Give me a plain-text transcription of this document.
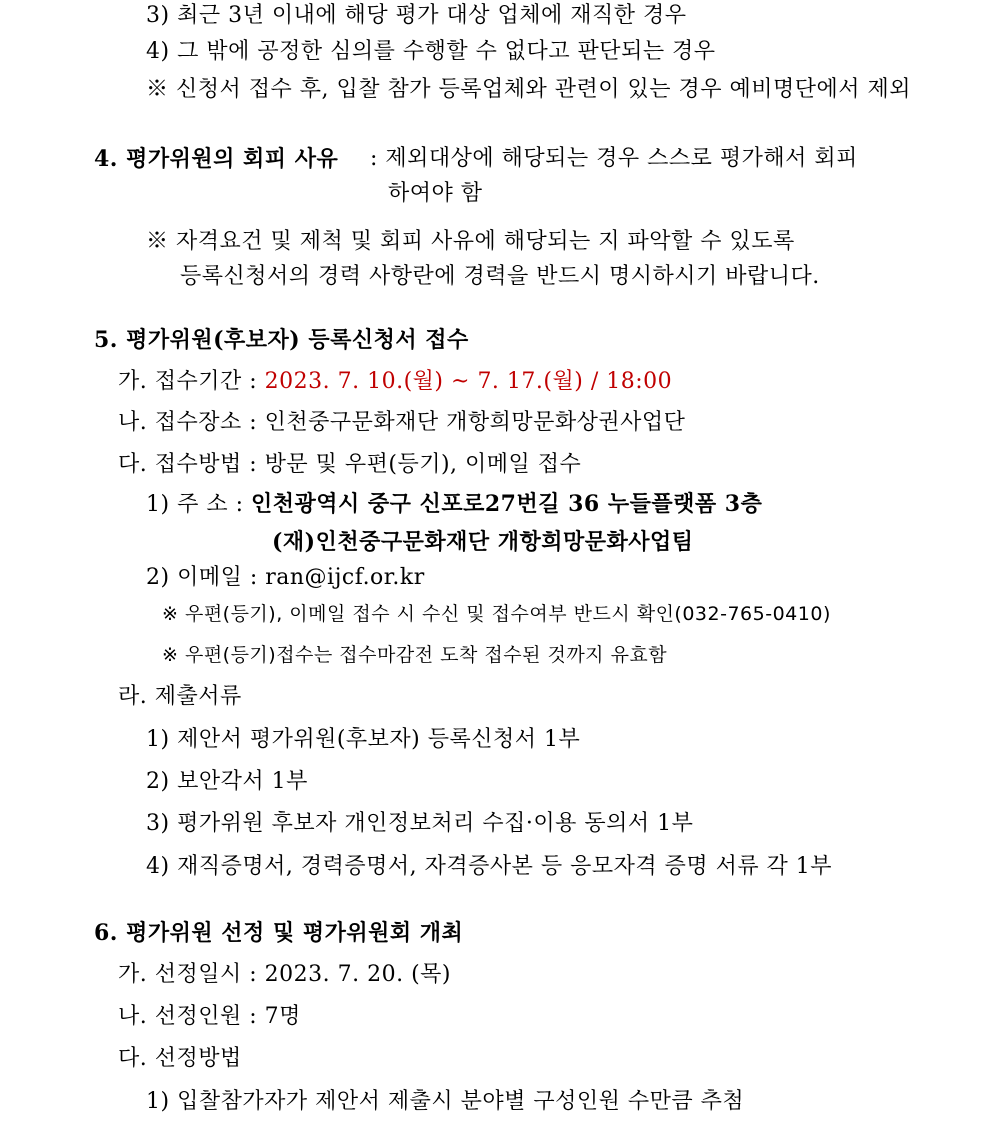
3) 최근 3년 이내에 해당 평가 대상 업체에 재직한 경우
4) 그 밖에 공정한 심의를 수행할 수 없다고 판단되는 경우
※ 신청서 접수 후, 입찰 참가 등록업체와 관련이 있는 경우 예비명단에서 제외
4. 평가위원의 회피 사유 : 제외대상에 해당되는 경우 스스로 평가해서 회피
하여야 함
※ 자격요건 및 제척 및 회피 사유에 해당되는 지 파악할 수 있도록
등록신청서의 경력 사항란에 경력을 반드시 명시하시기 바랍니다.
5. 평가위원(후보자) 등록신청서 접수
가. 접수기간 : 2023. 7. 10.(월) ~ 7. 17.(월) / 18:00
나. 접수장소 : 인천중구문화재단 개항희망문화상권사업단
다. 접수방법 : 방문 및 우편(등기), 이메일 접수
1) 주 소 : 인천광역시 중구 신포로27번길 36 누들플랫폼 3층
(재)인천중구문화재단 개항희망문화사업팀
2) 이메일 : ran@ijcf.or.kr
※ 우편(등기), 이메일 접수 시 수신 및 접수여부 반드시 확인(032-765-0410)
※ 우편(등기)접수는 접수마감전 도착 접수된 것까지 유효함
라. 제출서류
1) 제안서 평가위원(후보자) 등록신청서 1부
2) 보안각서 1부
3) 평가위원 후보자 개인정보처리 수집·이용 동의서 1부
4) 재직증명서, 경력증명서, 자격증사본 등 응모자격 증명 서류 각 1부
6. 평가위원 선정 및 평가위원회 개최
가. 선정일시 : 2023. 7. 20. (목)
나. 선정인원 : 7명
다. 선정방법
1) 입찰참가자가 제안서 제출시 분야별 구성인원 수만큼 추첨
